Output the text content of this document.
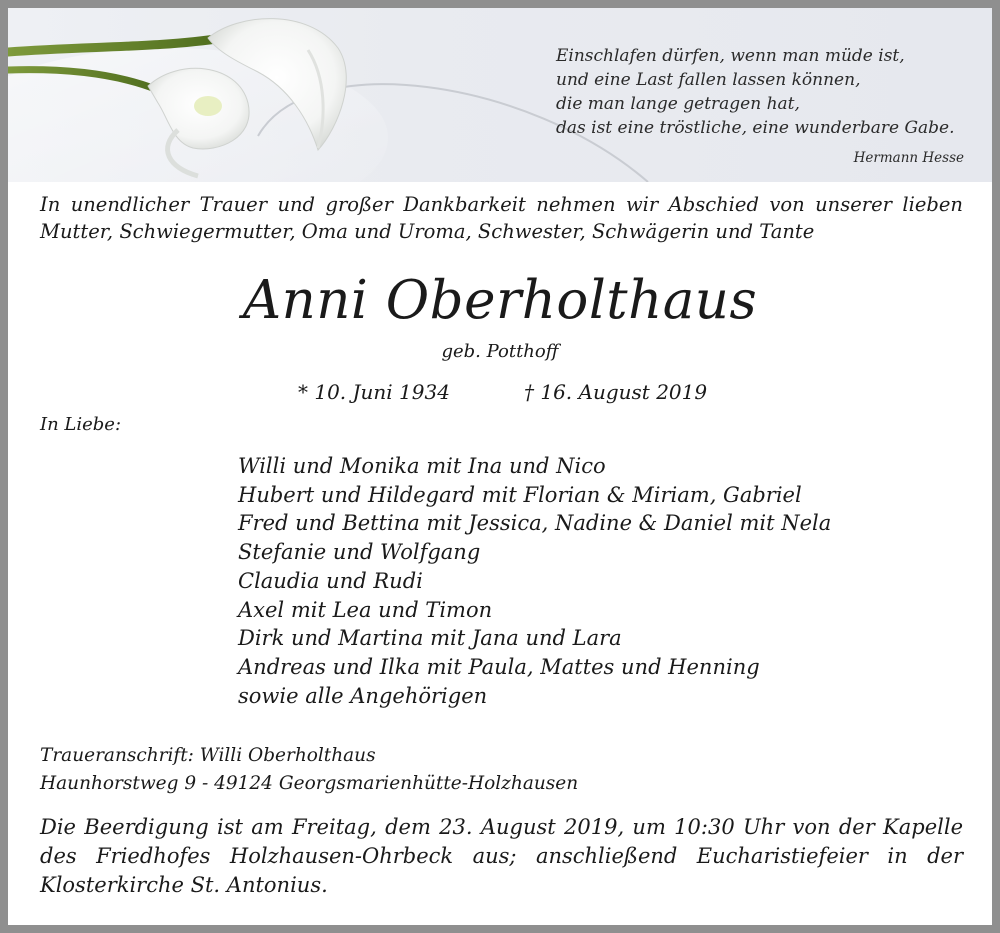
Einschlafen dürfen, wenn man müde ist,
und eine Last fallen lassen können,
die man lange getragen hat,
das ist eine tröstliche, eine wunderbare Gabe.
Hermann Hesse
In unendlicher Trauer und großer Dankbarkeit nehmen wir Abschied von unserer lieben Mutter, Schwiegermutter, Oma und Uroma, Schwester, Schwägerin und Tante
Anni Oberholthaus
geb. Potthoff
* 10. Juni 1934	† 16. August 2019
In Liebe:
Willi und Monika mit Ina und Nico
Hubert und Hildegard mit Florian & Miriam, Gabriel
Fred und Bettina mit Jessica, Nadine & Daniel mit Nela
Stefanie und Wolfgang
Claudia und Rudi
Axel mit Lea und Timon
Dirk und Martina mit Jana und Lara
Andreas und Ilka mit Paula, Mattes und Henning
sowie alle Angehörigen
Traueranschrift: Willi Oberholthaus
Haunhorstweg 9 - 49124 Georgsmarienhütte-Holzhausen
Die Beerdigung ist am Freitag, dem 23. August 2019, um 10:30 Uhr von der Kapelle des Friedhofes Holzhausen-Ohrbeck aus; anschließend Eucharistiefeier in der Klosterkirche St. Antonius.
